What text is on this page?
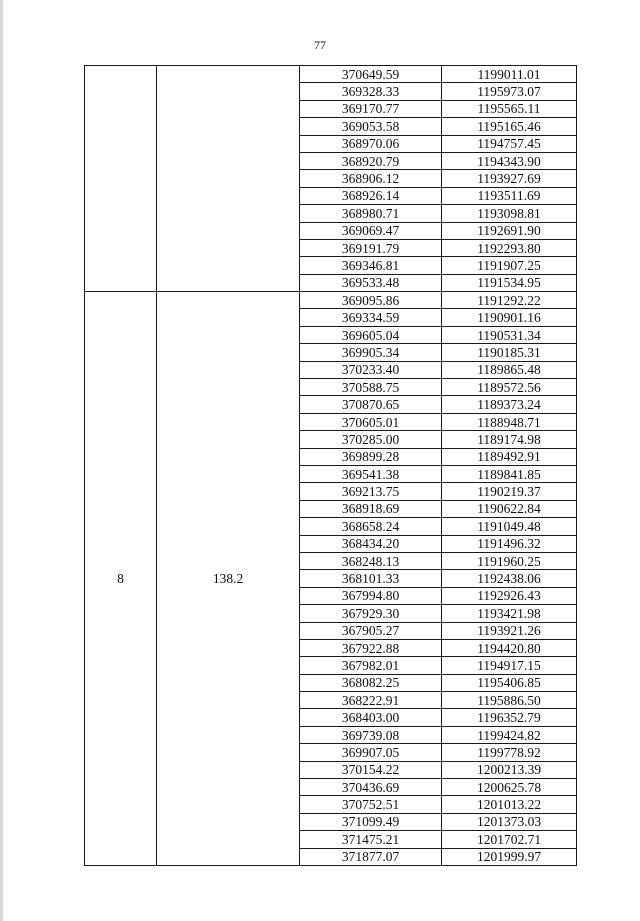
77
		370649.59	1199011.01
		369328.33	1195973.07
		369170.77	1195565.11
		369053.58	1195165.46
		368970.06	1194757.45
		368920.79	1194343.90
		368906.12	1193927.69
		368926.14	1193511.69
		368980.71	1193098.81
		369069.47	1192691.90
		369191.79	1192293.80
		369346.81	1191907.25
		369533.48	1191534.95
8	138.2	369095.86	1191292.22
		369334.59	1190901.16
		369605.04	1190531.34
		369905.34	1190185.31
		370233.40	1189865.48
		370588.75	1189572.56
		370870.65	1189373.24
		370605.01	1188948.71
		370285.00	1189174.98
		369899.28	1189492.91
		369541.38	1189841.85
		369213.75	1190219.37
		368918.69	1190622.84
		368658.24	1191049.48
		368434.20	1191496.32
		368248.13	1191960.25
		368101.33	1192438.06
		367994.80	1192926.43
		367929.30	1193421.98
		367905.27	1193921.26
		367922.88	1194420.80
		367982.01	1194917.15
		368082.25	1195406.85
		368222.91	1195886.50
		368403.00	1196352.79
		369739.08	1199424.82
		369907.05	1199778.92
		370154.22	1200213.39
		370436.69	1200625.78
		370752.51	1201013.22
		371099.49	1201373.03
		371475.21	1201702.71
		371877.07	1201999.97
